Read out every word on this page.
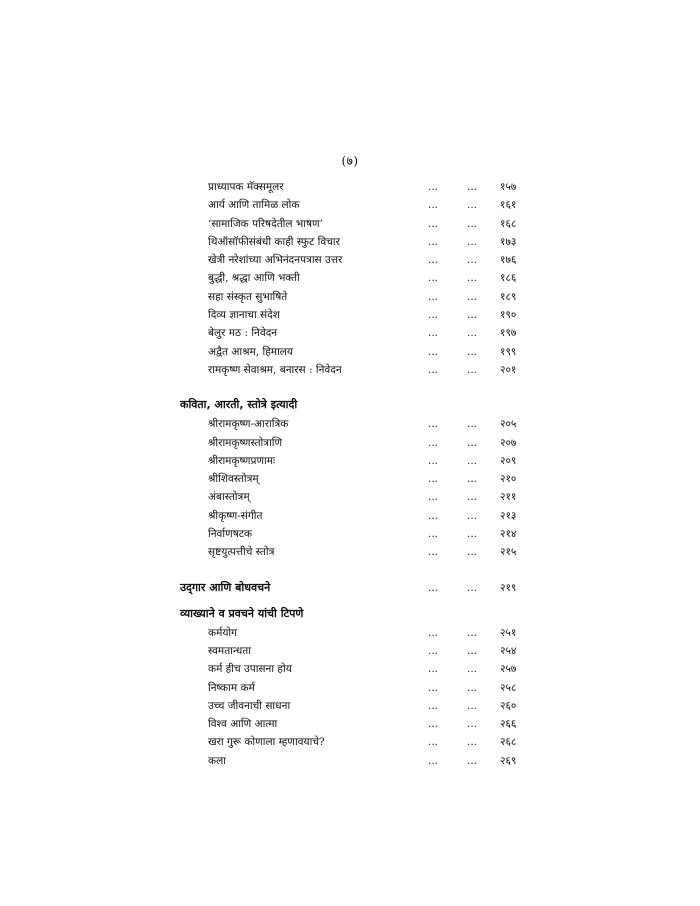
(७)
प्राध्यापक मॅक्समूलर	...	... १५७
आर्य आणि तामिळ लोक	...	... १६१
‘सामाजिक परिषदेतील भाषण’	...	... १६८
थिऑसॉफीसंबंधी काही स्फुट विचार	...	... १७३
खेत्री नरेशांच्या अभिनंदनपत्रास उत्तर	...	... १७६
बुद्धी, श्रद्धा आणि भक्ती	...	... १८६
सहा संस्कृत सुभाषिते	...	... १८९
दिव्य ज्ञानाचा संदेश	...	... १९०
बेलुर मठ : निवेदन	...	... १९७
अद्वैत आश्रम, हिमालय	...	... १९९
रामकृष्ण सेवाश्रम, बनारस : निवेदन	...	... २०१
कविता, आरती, स्तोत्रे इत्यादी
श्रीरामकृष्ण-आरात्रिक	...	... २०५
श्रीरामकृष्णस्तोत्राणि	...	... २०७
श्रीरामकृष्णप्रणामः	...	... २०९
श्रीशिवस्तोत्रम्	...	... २१०
अंबास्तोत्रम्	...	... २११
श्रीकृष्ण-संगीत	...	... २१३
निर्वाणषटक	...	... २१४
सृष्टयुत्पत्तीचे स्तोत्र	...	... २१५
उद्‌गार आणि बोधवचने	...	... २१९
व्याख्याने व प्रवचने यांची टिपणे
कर्मयोग	...	... २५१
स्वमतान्धता	...	... २५४
कर्म हीच उपासना होय	...	... २५७
निष्काम कर्म	...	... २५८
उच्च जीवनाची साधना	...	... २६०
विश्व आणि आत्मा	...	... २६६
खरा गुरू कोणाला म्हणावयाचे?	...	... २६८
कला	...	... २६९
